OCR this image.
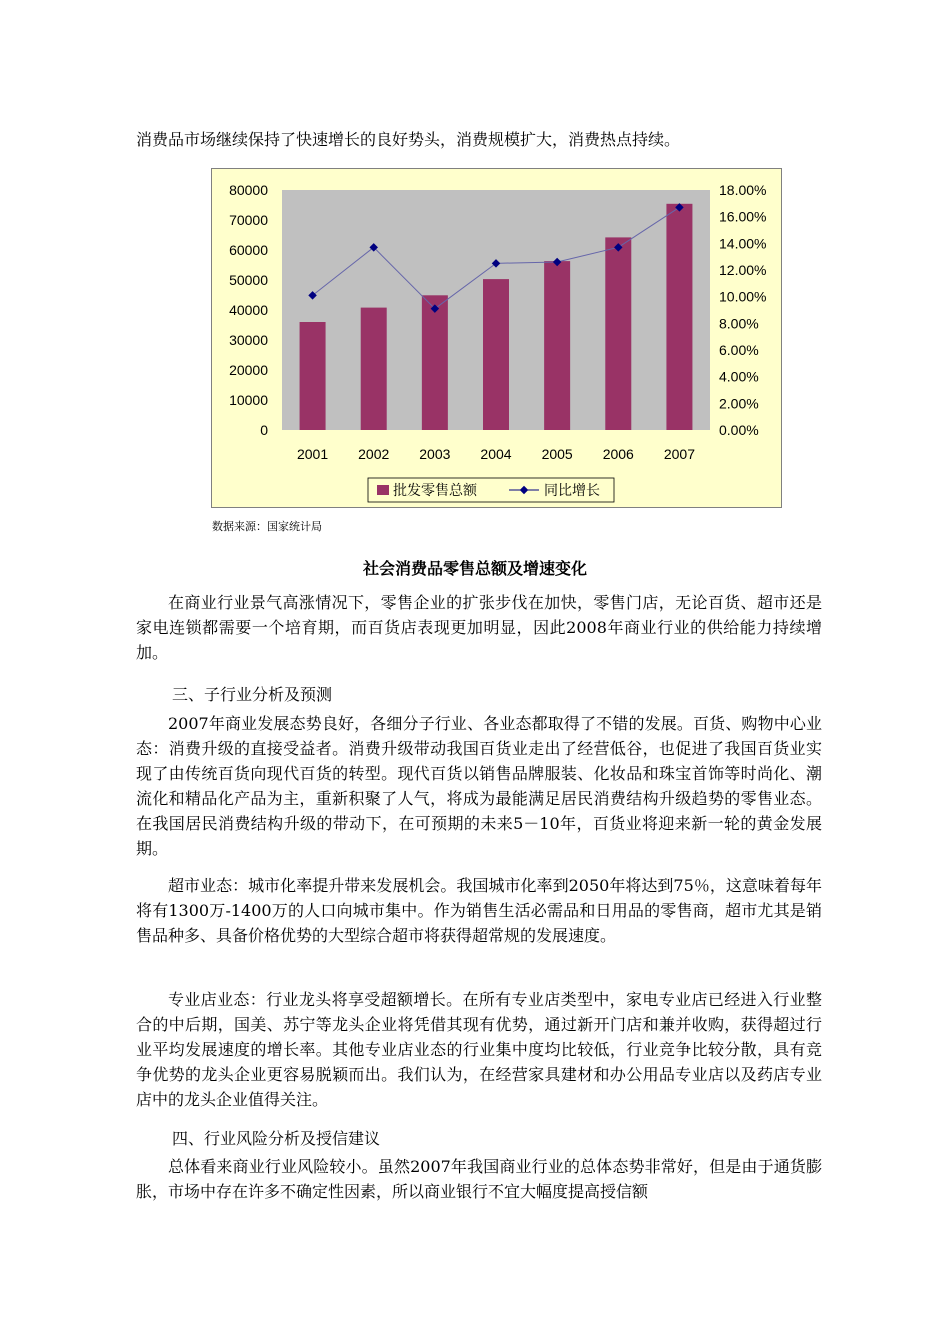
消费品市场继续保持了快速增长的良好势头，消费规模扩大，消费热点持续。
80000
70000
60000
50000
40000
30000
20000
10000
0
18.00%
16.00%
14.00%
12.00%
10.00%
8.00%
6.00%
4.00%
2.00%
0.00%
2001 2002 2003 2004 2005 2006 2007
批发零售总额	同比增长
数据来源：国家统计局
社会消费品零售总额及增速变化
在商业行业景气高涨情况下，零售企业的扩张步伐在加快，零售门店，无论百货、超市还是家电连锁都需要一个培育期，而百货店表现更加明显，因此2008年商业行业的供给能力持续增加。
三、子行业分析及预测
2007年商业发展态势良好，各细分子行业、各业态都取得了不错的发展。百货、购物中心业态：消费升级的直接受益者。消费升级带动我国百货业走出了经营低谷，也促进了我国百货业实现了由传统百货向现代百货的转型。现代百货以销售品牌服装、化妆品和珠宝首饰等时尚化、潮流化和精品化产品为主，重新积聚了人气，将成为最能满足居民消费结构升级趋势的零售业态。在我国居民消费结构升级的带动下，在可预期的未来5－10年，百货业将迎来新一轮的黄金发展期。
超市业态：城市化率提升带来发展机会。我国城市化率到2050年将达到75％，这意味着每年将有1300万-1400万的人口向城市集中。作为销售生活必需品和日用品的零售商，超市尤其是销售品种多、具备价格优势的大型综合超市将获得超常规的发展速度。
专业店业态：行业龙头将享受超额增长。在所有专业店类型中，家电专业店已经进入行业整合的中后期，国美、苏宁等龙头企业将凭借其现有优势，通过新开门店和兼并收购，获得超过行业平均发展速度的增长率。其他专业店业态的行业集中度均比较低，行业竞争比较分散，具有竞争优势的龙头企业更容易脱颖而出。我们认为，在经营家具建材和办公用品专业店以及药店专业店中的龙头企业值得关注。
四、行业风险分析及授信建议
总体看来商业行业风险较小。虽然2007年我国商业行业的总体态势非常好，但是由于通货膨胀，市场中存在许多不确定性因素，所以商业银行不宜大幅度提高授信额
